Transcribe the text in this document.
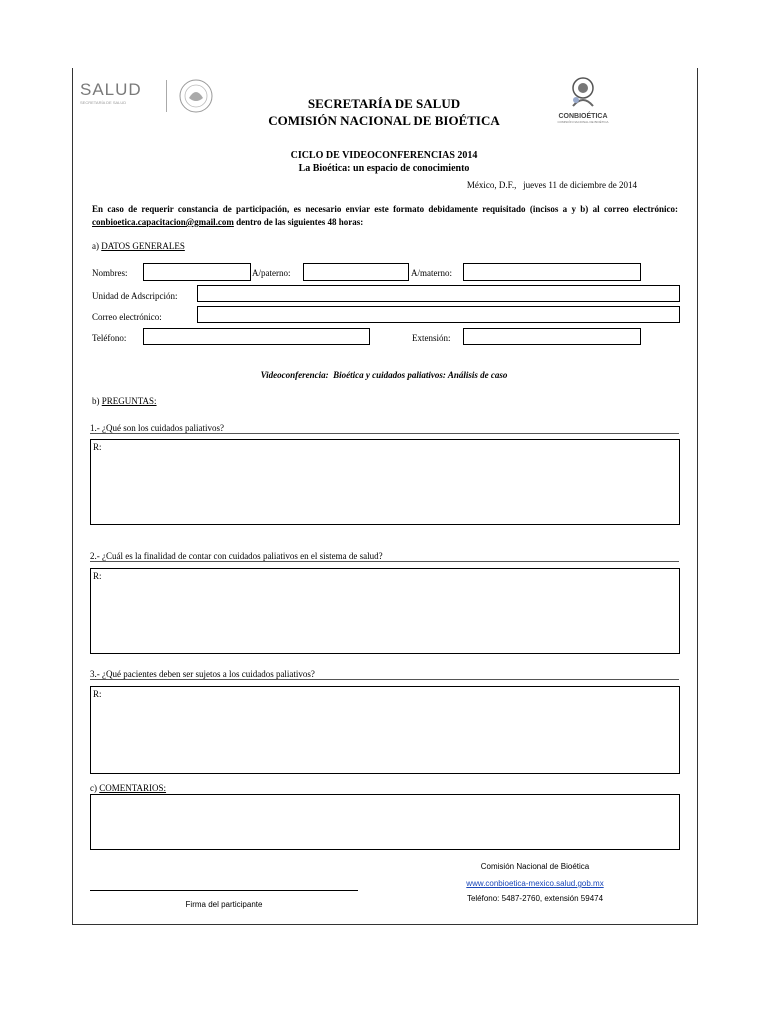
SALUD
SECRETARÍA DE SALUD	SECRETARÍA DE SALUD
COMISIÓN NACIONAL DE BIOÉTICA	CONBIOÉTICA
COMISIÓN NACIONAL DE BIOÉTICA
CICLO DE VIDEOCONFERENCIAS 2014
La Bioética: un espacio de conocimiento
México, D.F.,   jueves 11 de diciembre de 2014
En caso de requerir constancia de participación, es necesario enviar este formato debidamente requisitado (incisos a y b) al correo electrónico: conbioetica.capacitacion@gmail.com dentro de las siguientes 48 horas:
a) DATOS GENERALES
Nombres:	A/paterno:	A/materno:
Unidad de Adscripción:
Correo electrónico:
Teléfono:	Extensión:
Videoconferencia:  Bioética y cuidados paliativos: Análisis de caso
b) PREGUNTAS:
1.- ¿Qué son los cuidados paliativos?
R:
2.- ¿Cuál es la finalidad de contar con cuidados paliativos en el sistema de salud?
R:
3.- ¿Qué pacientes deben ser sujetos a los cuidados paliativos?
R:
c) COMENTARIOS:
Comisión Nacional de Bioética
www.conbioetica-mexico.salud.gob.mx
Teléfono: 5487-2760, extensión 59474
Firma del participante
